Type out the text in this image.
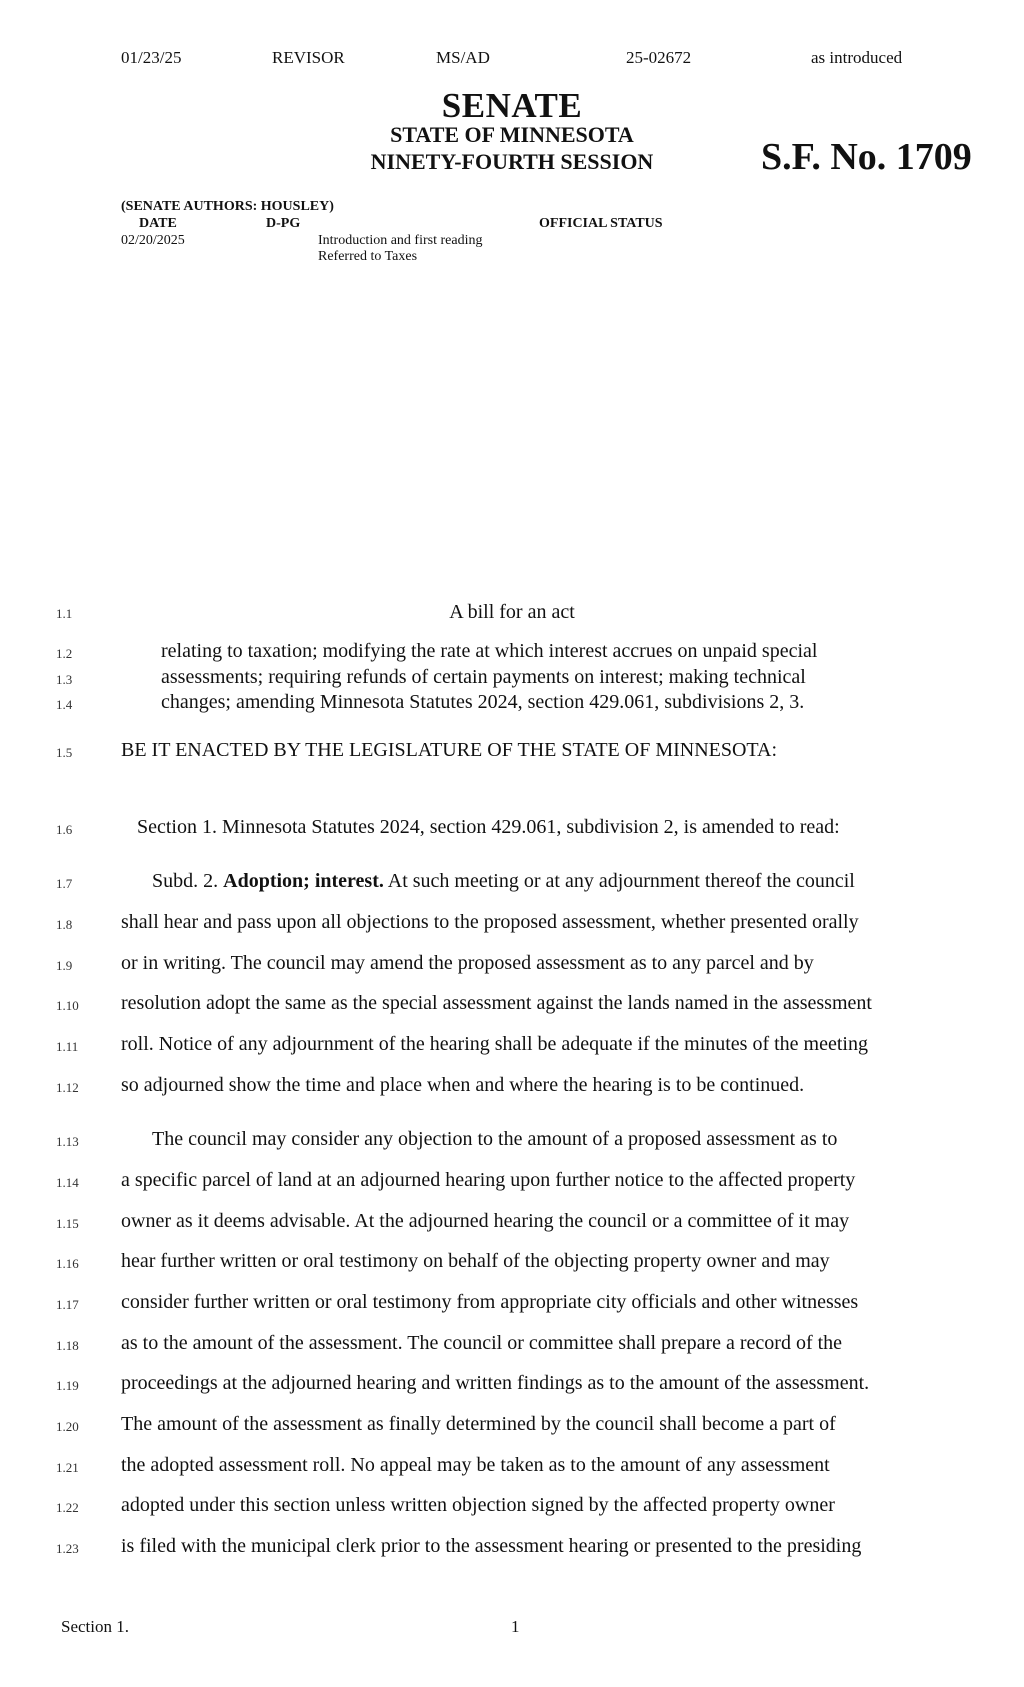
01/23/25	REVISOR	MS/AD	25-02672	as introduced
SENATE
STATE OF MINNESOTA
NINETY-FOURTH SESSION	S.F. No. 1709
(SENATE AUTHORS: HOUSLEY)
DATE	D-PG	OFFICIAL STATUS
02/20/2025	Introduction and first reading
Referred to Taxes
1.1	A bill for an act
1.2	relating to taxation; modifying the rate at which interest accrues on unpaid special
1.3	assessments; requiring refunds of certain payments on interest; making technical
1.4	changes; amending Minnesota Statutes 2024, section 429.061, subdivisions 2, 3.
1.5 BE IT ENACTED BY THE LEGISLATURE OF THE STATE OF MINNESOTA:
1.6	Section 1. Minnesota Statutes 2024, section 429.061, subdivision 2, is amended to read:
1.7	Subd. 2. Adoption; interest. At such meeting or at any adjournment thereof the council
1.8 shall hear and pass upon all objections to the proposed assessment, whether presented orally
1.9 or in writing. The council may amend the proposed assessment as to any parcel and by
1.10 resolution adopt the same as the special assessment against the lands named in the assessment
1.11 roll. Notice of any adjournment of the hearing shall be adequate if the minutes of the meeting
1.12 so adjourned show the time and place when and where the hearing is to be continued.
1.13	The council may consider any objection to the amount of a proposed assessment as to
1.14 a specific parcel of land at an adjourned hearing upon further notice to the affected property
1.15 owner as it deems advisable. At the adjourned hearing the council or a committee of it may
1.16 hear further written or oral testimony on behalf of the objecting property owner and may
1.17 consider further written or oral testimony from appropriate city officials and other witnesses
1.18 as to the amount of the assessment. The council or committee shall prepare a record of the
1.19 proceedings at the adjourned hearing and written findings as to the amount of the assessment.
1.20 The amount of the assessment as finally determined by the council shall become a part of
1.21 the adopted assessment roll. No appeal may be taken as to the amount of any assessment
1.22 adopted under this section unless written objection signed by the affected property owner
1.23 is filed with the municipal clerk prior to the assessment hearing or presented to the presiding
Section 1.	1
